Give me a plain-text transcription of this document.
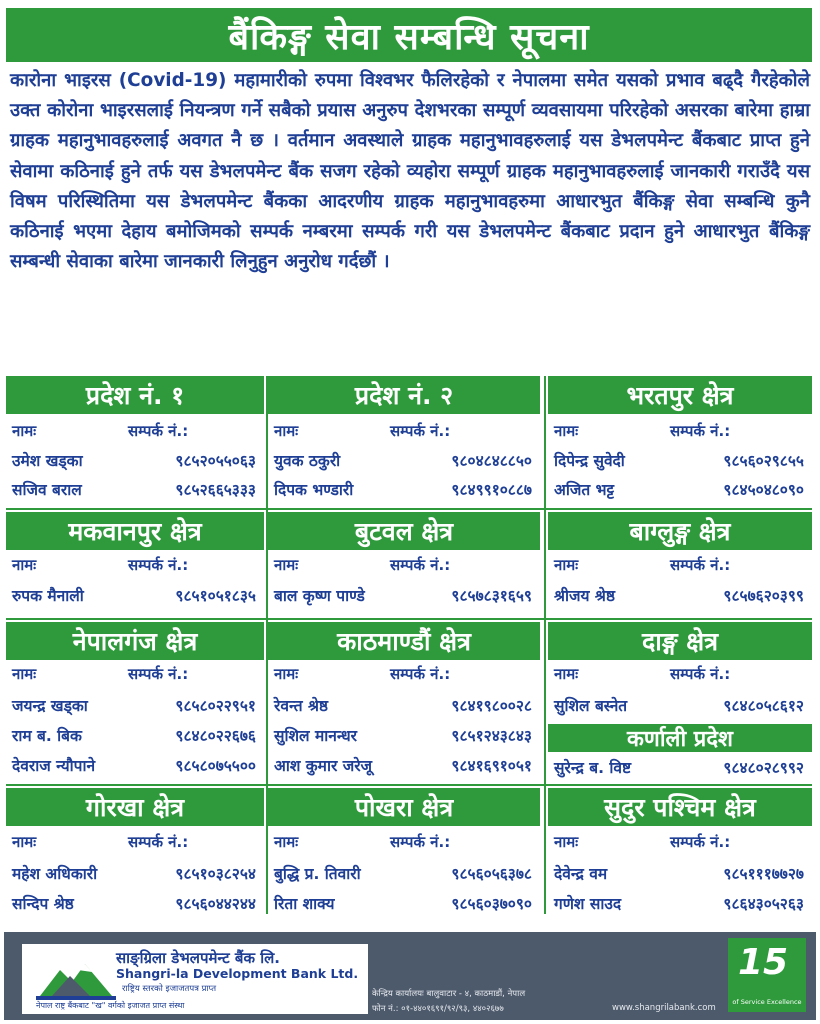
बैंकिङ्ग सेवा सम्बन्धि सूचना
कारोना भाइरस (Covid-19) महामारीको रुपमा विश्वभर फैलिरहेको र नेपालमा समेत यसको प्रभाव बढ्दै गैरहेकोले उक्त कोरोना भाइरसलाई नियन्त्रण गर्ने सबैको प्रयास अनुरुप देशभरका सम्पूर्ण व्यवसायमा परिरहेको असरका बारेमा हाम्रा ग्राहक महानुभावहरुलाई अवगत नै छ । वर्तमान अवस्थाले ग्राहक महानुभावहरुलाई यस डेभलपमेन्ट बैंकबाट प्राप्त हुने सेवामा कठिनाई हुने तर्फ यस डेभलपमेन्ट बैंक सजग रहेको व्यहोरा सम्पूर्ण ग्राहक महानुभावहरुलाई जानकारी गराउँदै यस विषम परिस्थितिमा यस डेभलपमेन्ट बैंकका आदरणीय ग्राहक महानुभावहरुमा आधारभुत बैंकिङ्ग सेवा सम्बन्धि कुनै कठिनाई भएमा देहाय बमोजिमको सम्पर्क नम्बरमा सम्पर्क गरी यस डेभलपमेन्ट बैंकबाट प्रदान हुने आधारभुत बैंकिङ्ग सम्बन्धी सेवाका बारेमा जानकारी लिनुहुन अनुरोध गर्दछौं ।
प्रदेश नं. १
नामः	सम्पर्क नं.:
उमेश खड्का	९८५२०५५०६३
सजिव बराल	९८५२६६५३३३
प्रदेश नं. २
नामः	सम्पर्क नं.:
युवक ठकुरी	९८०४८४८८५०
दिपक भण्डारी	९८४९९१०८८७
भरतपुर क्षेत्र
नामः	सम्पर्क नं.:
दिपेन्द्र सुवेदी	९८५६०२९८५५
अजित भट्ट	९८४५०४८०९०
मकवानपुर क्षेत्र
नामः	सम्पर्क नं.:
रुपक मैनाली	९८५१०५१८३५
बुटवल क्षेत्र
नामः	सम्पर्क नं.:
बाल कृष्ण पाण्डे	९८५७८३१६५९
बाग्लुङ्ग क्षेत्र
नामः	सम्पर्क नं.:
श्रीजय श्रेष्ठ	९८५७६२०३९९
नेपालगंज क्षेत्र
नामः	सम्पर्क नं.:
जयन्द्र खड्का	९८५८०२२९५१
राम ब. बिक	९८४८०२२६७६
देवराज न्यौपाने	९८५८०७५५००
काठमाण्डौं क्षेत्र
नामः	सम्पर्क नं.:
रेवन्त श्रेष्ठ	९८४१९८००२८
सुशिल मानन्धर	९८५१२४३८४३
आश कुमार जरेजू	९८४१६९१०५१
दाङ्ग क्षेत्र
नामः	सम्पर्क नं.:
सुशिल बस्नेत	९८४८०५८६१२
कर्णाली प्रदेश
सुरेन्द्र ब. विष्ट	९८४८०२८९९२
गोरखा क्षेत्र
नामः	सम्पर्क नं.:
महेश अधिकारी	९८५१०३८२५४
सन्दिप श्रेष्ठ	९८५६०४४२४४
पोखरा क्षेत्र
नामः	सम्पर्क नं.:
बुद्धि प्र. तिवारी	९८५६०५६३७८
रिता शाक्य	९८५६०३७०९०
सुदुर पश्चिम क्षेत्र
नामः	सम्पर्क नं.:
देवेन्द्र वम	९८५१११७७२७
गणेश साउद	९८६४३०५२६३
साङ्ग्रिला डेभलपमेन्ट बैंक लि.
Shangri-la Development Bank Ltd.
राष्ट्रिय स्तरको इजाजतपत्र प्राप्त
नेपाल राष्ट्र बैंकबाट "ख" वर्गको इजाजत प्राप्त संस्था
केन्द्रिय कार्यालयः बालुवाटार - ४, काठमाडौं, नेपाल
फोन नं.: ०१-४४०१६९१/९२/९३, ४४०२६७७	www.shangrilabank.com
15
of Service Excellence
